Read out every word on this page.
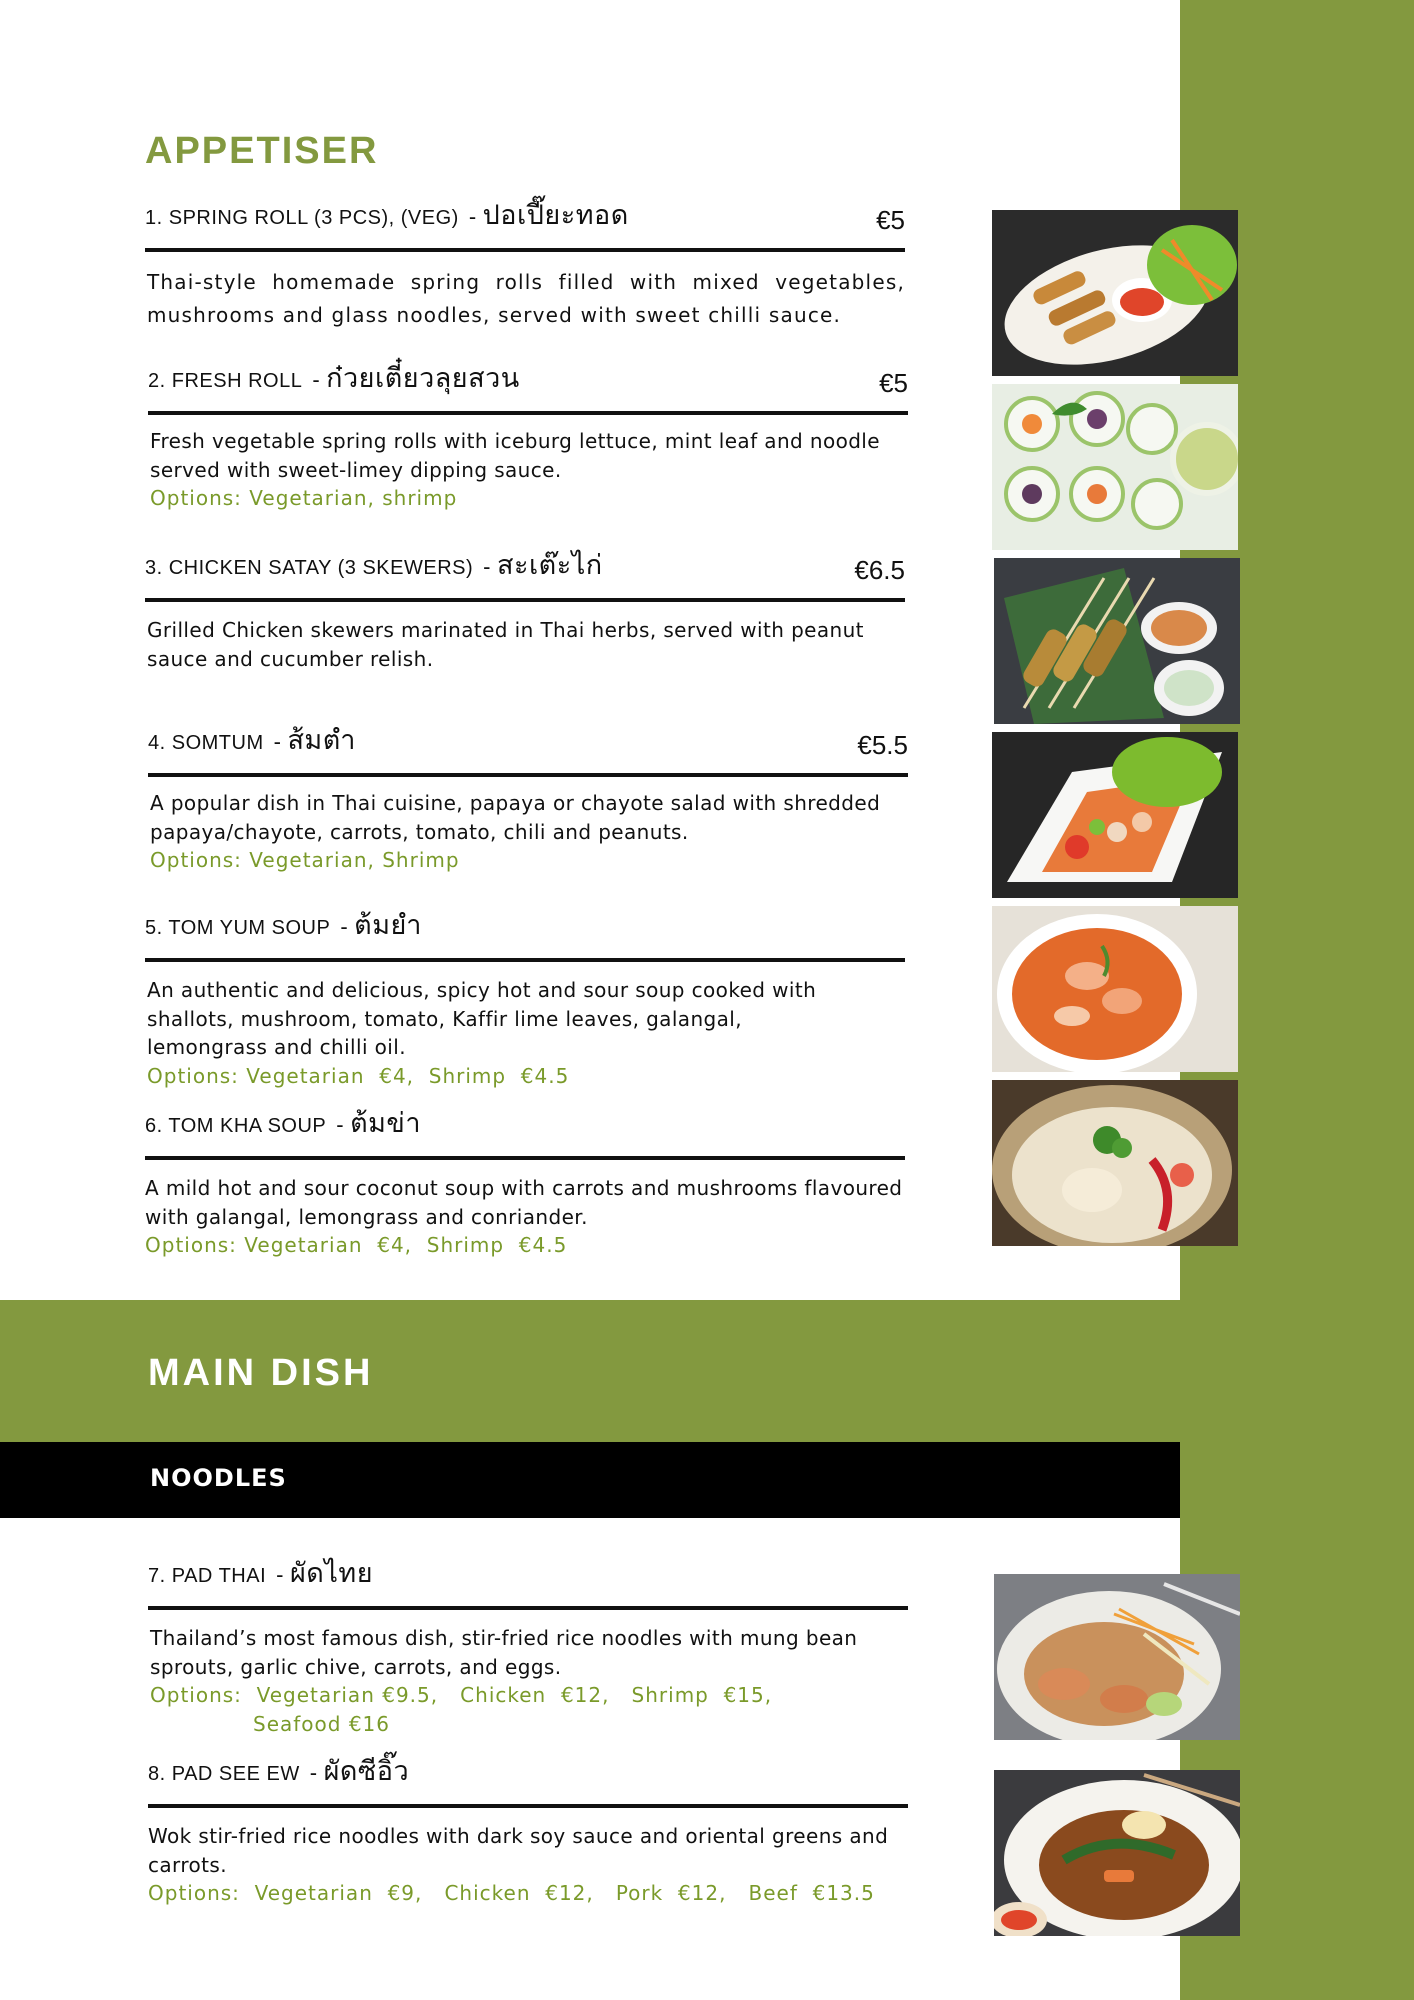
APPETISER
1. SPRING ROLL (3 PCS), (VEG) - ปอเปี๊ยะทอด	€5

Thai-style homemade spring rolls filled with mixed vegetables, mushrooms and glass noodles, served with sweet chilli sauce.

2. FRESH ROLL - ก๋วยเตี๋ยวลุยสวน	€5

Fresh vegetable spring rolls with iceburg lettuce, mint leaf and noodle served with sweet-limey dipping sauce.

Options: Vegetarian, shrimp

3. CHICKEN SATAY (3 SKEWERS) - สะเต๊ะไก่	€6.5

Grilled Chicken skewers marinated in Thai herbs, served with peanut sauce and cucumber relish.

4. SOMTUM - ส้มตำ	€5.5

A popular dish in Thai cuisine, papaya or chayote salad with shredded papaya/chayote, carrots, tomato, chili and peanuts.

Options: Vegetarian, Shrimp

5. TOM YUM SOUP - ต้มยำ

An authentic and delicious, spicy hot and sour soup cooked with shallots, mushroom, tomato, Kaffir lime leaves, galangal, lemongrass and chilli oil.

Options: Vegetarian  €4,  Shrimp  €4.5

6. TOM KHA SOUP - ต้มข่า

A mild hot and sour coconut soup with carrots and mushrooms flavoured with galangal, lemongrass and conriander.

Options: Vegetarian  €4,  Shrimp  €4.5

MAIN DISH
NOODLES
7. PAD THAI - ผัดไทย

Thailand’s most famous dish, stir-fried rice noodles with mung bean sprouts, garlic chive, carrots, and eggs.

Options:  Vegetarian €9.5,   Chicken  €12,   Shrimp  €15,
Seafood €16

8. PAD SEE EW - ผัดซีอิ๊ว

Wok stir-fried rice noodles with dark soy sauce and oriental greens and carrots.

Options:  Vegetarian  €9,   Chicken  €12,   Pork  €12,   Beef  €13.5
